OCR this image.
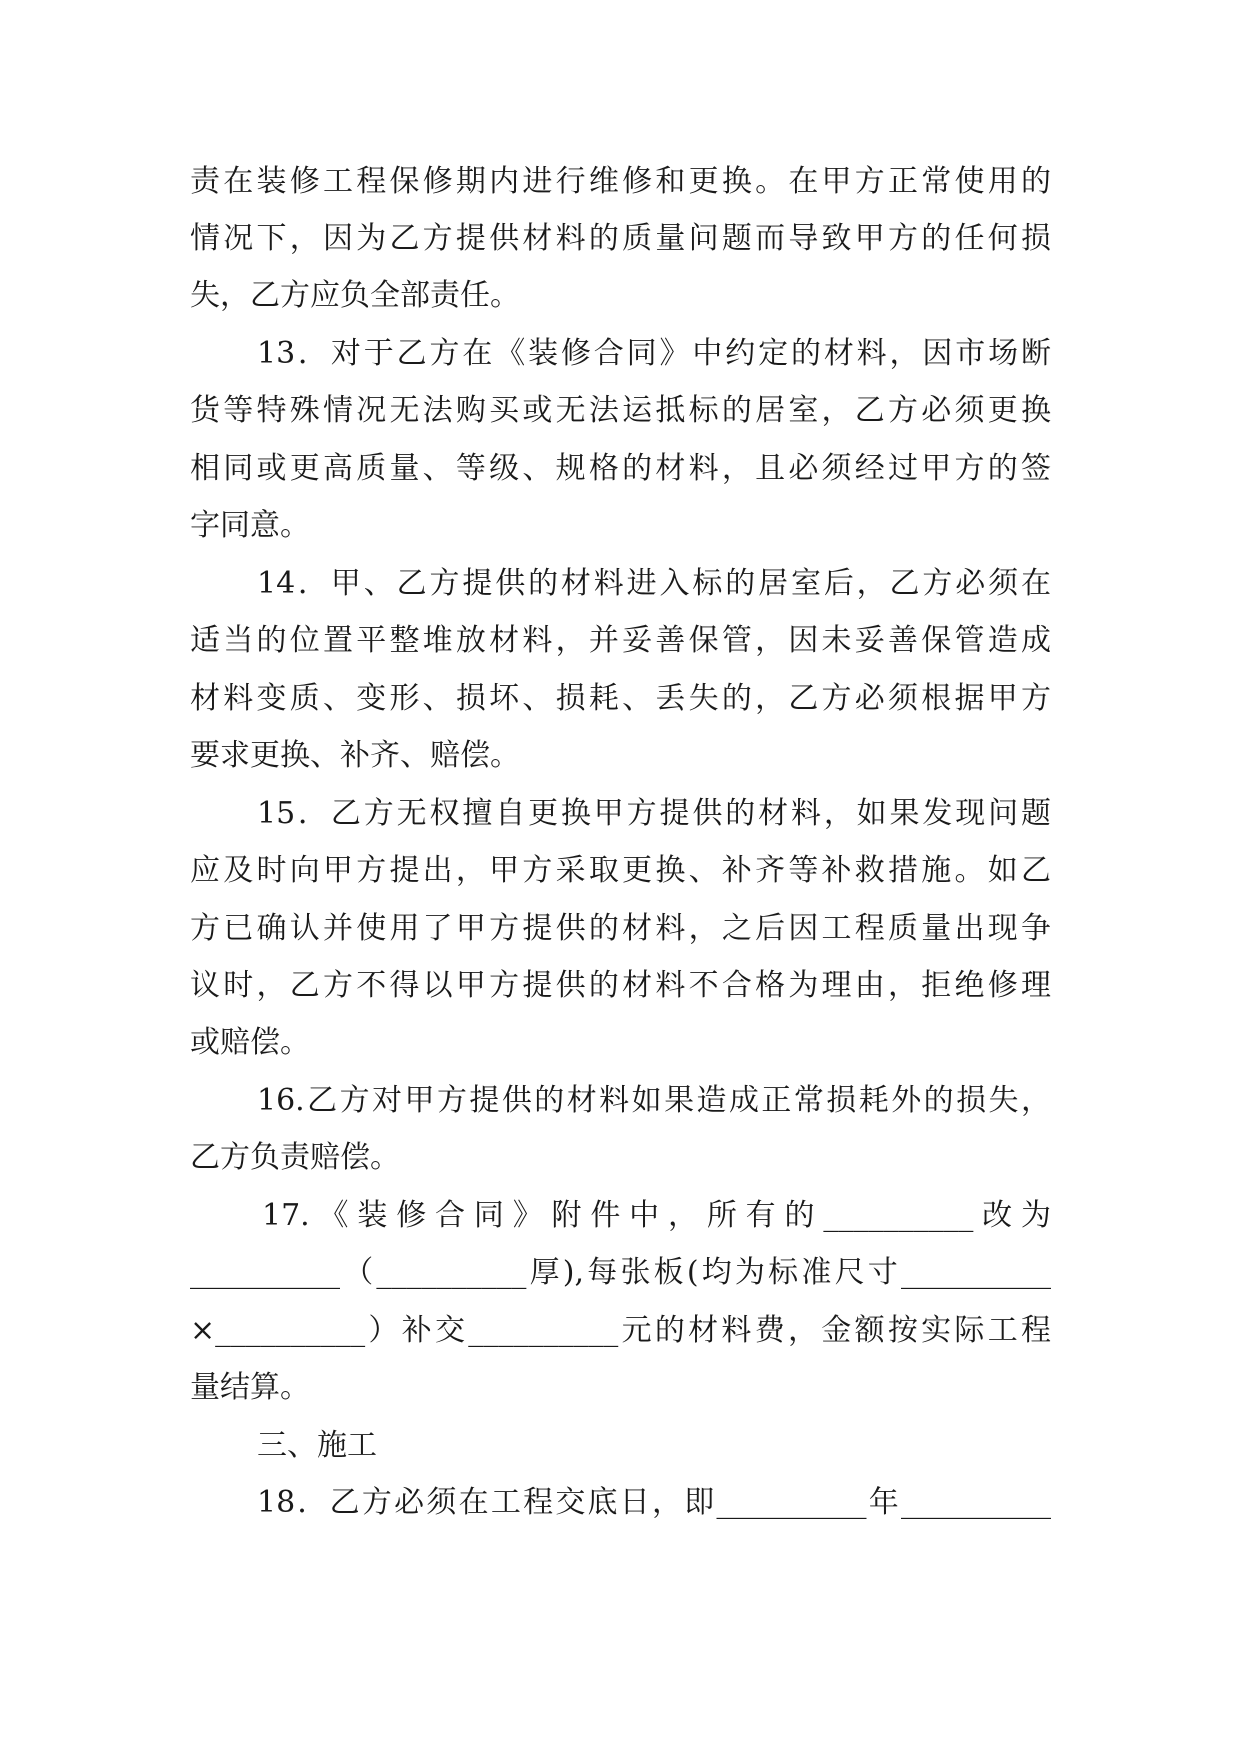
责在装修工程保修期内进行维修和更换。在甲方正常使用的
情况下，因为乙方提供材料的质量问题而导致甲方的任何损
失，乙方应负全部责任。
13．对于乙方在《装修合同》中约定的材料，因市场断
货等特殊情况无法购买或无法运抵标的居室，乙方必须更换
相同或更高质量、等级、规格的材料，且必须经过甲方的签
字同意。
14．甲、乙方提供的材料进入标的居室后，乙方必须在
适当的位置平整堆放材料，并妥善保管，因未妥善保管造成
材料变质、变形、损坏、损耗、丢失的，乙方必须根据甲方
要求更换、补齐、赔偿。
15．乙方无权擅自更换甲方提供的材料，如果发现问题
应及时向甲方提出，甲方采取更换、补齐等补救措施。如乙
方已确认并使用了甲方提供的材料，之后因工程质量出现争
议时，乙方不得以甲方提供的材料不合格为理由，拒绝修理
或赔偿。
16.乙方对甲方提供的材料如果造成正常损耗外的损失，
乙方负责赔偿。
17.《装修合同》附件中，所有的__________改为
__________（__________厚),每张板(均为标准尺寸__________
×__________）补交__________元的材料费，金额按实际工程
量结算。
三、施工
18．乙方必须在工程交底日，即__________年__________
